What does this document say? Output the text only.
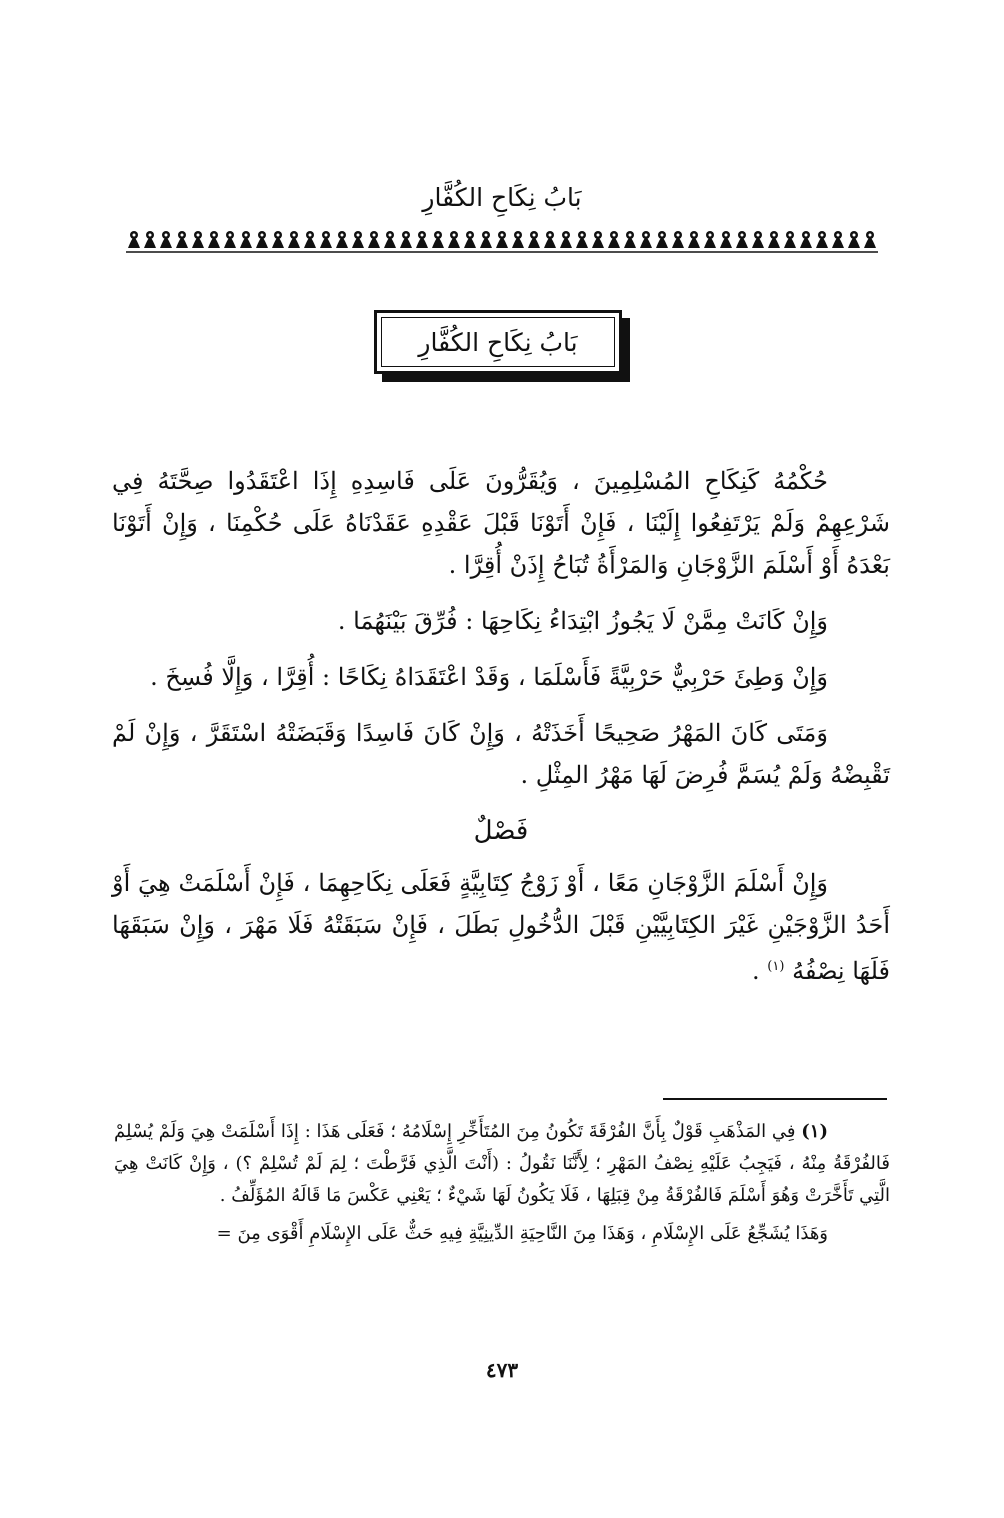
بَابُ نِكَاحِ الكُفَّارِ
بَابُ نِكَاحِ الكُفَّارِ

حُكْمُهُ كَنِكَاحِ المُسْلِمِينَ ، وَيُقَرُّونَ عَلَى فَاسِدِهِ إِذَا اعْتَقَدُوا صِحَّتَهُ فِي شَرْعِهِمْ وَلَمْ يَرْتَفِعُوا إِلَيْنَا ، فَإِنْ أَتَوْنَا قَبْلَ عَقْدِهِ عَقَدْنَاهُ عَلَى حُكْمِنَا ، وَإِنْ أَتَوْنَا بَعْدَهُ أَوْ أَسْلَمَ الزَّوْجَانِ وَالمَرْأَةُ تُبَاحُ إِذَنْ أُقِرَّا .

وَإِنْ كَانَتْ مِمَّنْ لَا يَجُوزُ ابْتِدَاءُ نِكَاحِهَا : فُرِّقَ بَيْنَهُمَا .

وَإِنْ وَطِئَ حَرْبِيٌّ حَرْبِيَّةً فَأَسْلَمَا ، وَقَدْ اعْتَقَدَاهُ نِكَاحًا : أُقِرَّا ، وَإِلَّا فُسِخَ .

وَمَتَى كَانَ المَهْرُ صَحِيحًا أَخَذَتْهُ ، وَإِنْ كَانَ فَاسِدًا وَقَبَضَتْهُ اسْتَقَرَّ ، وَإِنْ لَمْ تَقْبِضْهُ وَلَمْ يُسَمَّ فُرِضَ لَهَا مَهْرُ المِثْلِ .

فَصْلٌ

وَإِنْ أَسْلَمَ الزَّوْجَانِ مَعًا ، أَوْ زَوْجُ كِتَابِيَّةٍ فَعَلَى نِكَاحِهِمَا ، فَإِنْ أَسْلَمَتْ هِيَ أَوْ أَحَدُ الزَّوْجَيْنِ غَيْرَ الكِتَابِيَّيْنِ قَبْلَ الدُّخُولِ بَطَلَ ، فَإِنْ سَبَقَتْهُ فَلَا مَهْرَ ، وَإِنْ سَبَقَهَا فَلَهَا نِصْفُهُ $^{(١)}$ .

(١) فِي المَذْهَبِ قَوْلٌ بِأَنَّ الفُرْقَةَ تَكُونُ مِنَ المُتَأَخِّرِ إِسْلَامُهُ ؛ فَعَلَى هَذَا : إِذَا أَسْلَمَتْ هِيَ وَلَمْ يُسْلِمْ فَالفُرْقَةُ مِنْهُ ، فَيَجِبُ عَلَيْهِ نِصْفُ المَهْرِ ؛ لِأَنَّنَا نَقُولُ : (أَنْتَ الَّذِي فَرَّطْتَ ؛ لِمَ لَمْ تُسْلِمْ ؟) ، وَإِنْ كَانَتْ هِيَ الَّتِي تَأَخَّرَتْ وَهُوَ أَسْلَمَ فَالفُرْقَةُ مِنْ قِبَلِهَا ، فَلَا يَكُونُ لَهَا شَيْءٌ ؛ يَعْنِي عَكْسَ مَا قَالَهُ المُؤَلِّفُ .

وَهَذَا يُشَجِّعُ عَلَى الإِسْلَامِ ، وَهَذَا مِنَ النَّاحِيَةِ الدِّينِيَّةِ فِيهِ حَثٌّ عَلَى الإِسْلَامِ أَقْوَى مِنَ =

٤٧٣
